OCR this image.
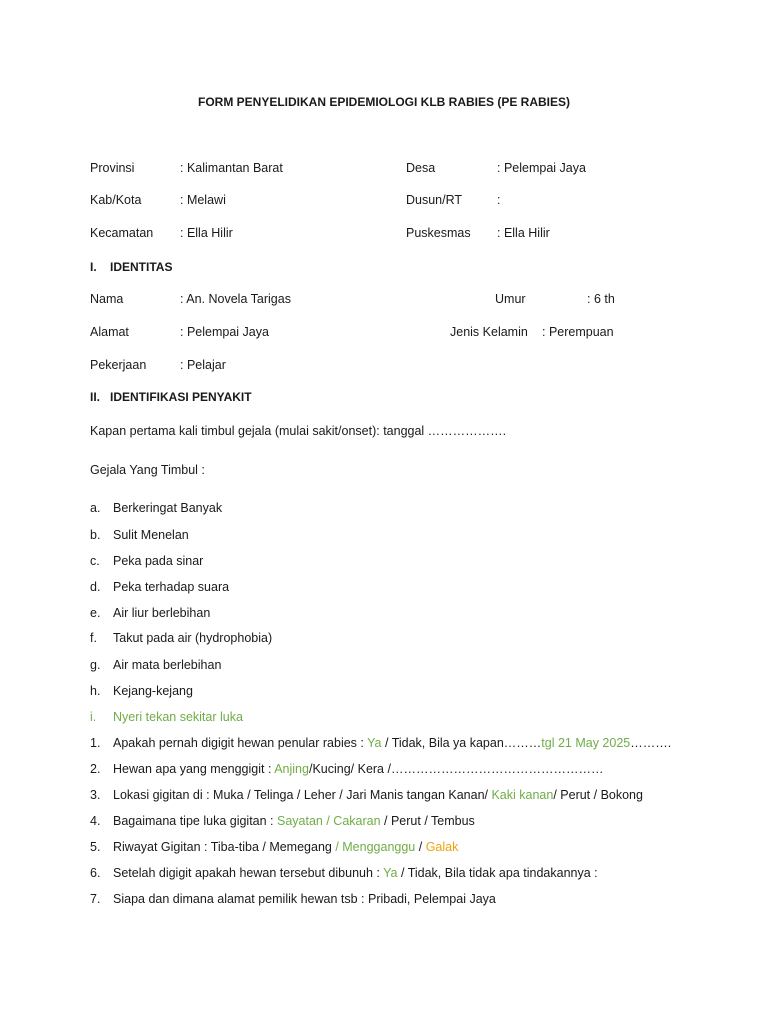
FORM PENYELIDIKAN EPIDEMIOLOGI KLB RABIES (PE RABIES)
Provinsi	: Kalimantan Barat	Desa	: Pelempai Jaya
Kab/Kota	: Melawi	Dusun/RT	:
Kecamatan : Ella Hilir	Puskesmas : Ella Hilir
I.    IDENTITAS
Nama	: An. Novela Tarigas	Umur	: 6 th
Alamat	: Pelempai Jaya	Jenis Kelamin : Perempuan
Pekerjaan	: Pelajar
II.   IDENTIFIKASI PENYAKIT
Kapan pertama kali timbul gejala (mulai sakit/onset): tanggal ……………….
Gejala Yang Timbul :
a. Berkeringat Banyak
b. Sulit Menelan
c. Peka pada sinar
d. Peka terhadap suara
e. Air liur berlebihan
f. Takut pada air (hydrophobia)
g. Air mata berlebihan
h. Kejang-kejang
i. Nyeri tekan sekitar luka
1. Apakah pernah digigit hewan penular rabies : Ya / Tidak, Bila ya kapan………tgl 21 May 2025……….
2. Hewan apa yang menggigit : Anjing/Kucing/ Kera /……………………………………………
3. Lokasi gigitan di : Muka / Telinga / Leher / Jari Manis tangan Kanan/ Kaki kanan/ Perut / Bokong
4. Bagaimana tipe luka gigitan : Sayatan / Cakaran / Perut / Tembus
5. Riwayat Gigitan : Tiba-tiba / Memegang / Mengganggu / Galak
6. Setelah digigit apakah hewan tersebut dibunuh : Ya / Tidak, Bila tidak apa tindakannya :
7. Siapa dan dimana alamat pemilik hewan tsb : Pribadi, Pelempai Jaya
